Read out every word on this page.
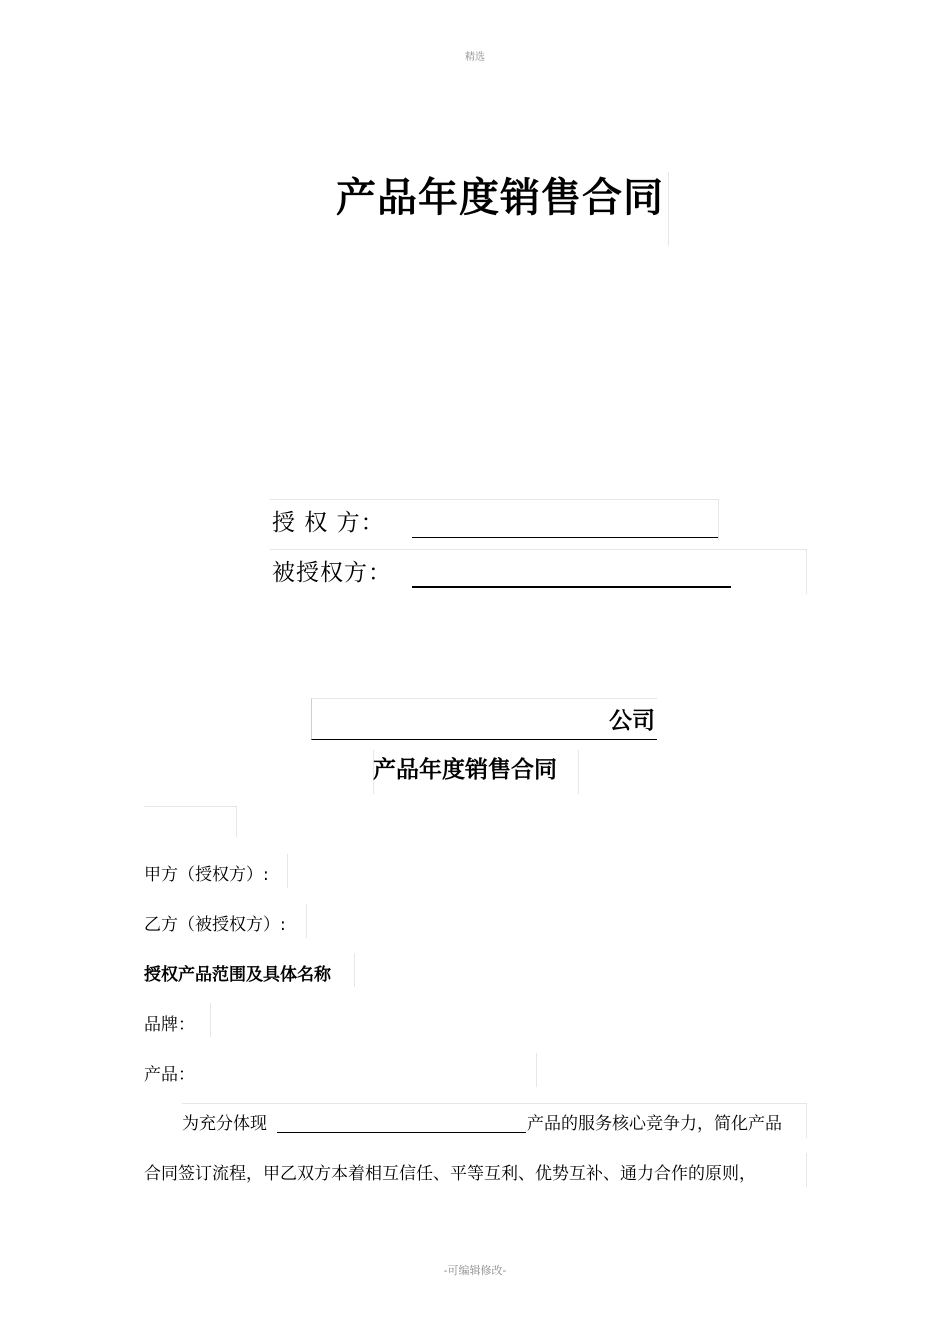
精选
-可编辑修改-
产品年度销售合同
授 权 方：
被授权方：
公司
产品年度销售合同
甲方（授权方）:
乙方（被授权方）:
授权产品范围及具体名称
品牌：
产品：
为充分体现	产品的服务核心竞争力，简化产品
合同签订流程，甲乙双方本着相互信任、平等互利、优势互补、通力合作的原则，
